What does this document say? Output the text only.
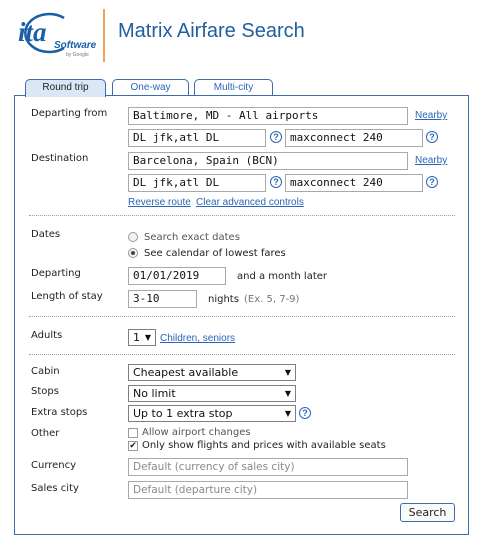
ita Software
by Google
Matrix Airfare Search
Round trip	One-way	Multi-city
Departing from	Baltimore, MD - All airports	Nearby
DL jfk,atl DL	?	maxconnect 240	?
Destination	Barcelona, Spain (BCN)	Nearby
DL jfk,atl DL	?	maxconnect 240	?
Reverse route Clear advanced controls
Dates	Search exact dates
See calendar of lowest fares
Departing	01/01/2019	and a month later
Length of stay	3-10	nights (Ex. 5, 7-9)
Adults	1 ▼ Children, seniors
Cabin	Cheapest available	▼
Stops	No limit	▼
Extra stops	Up to 1 extra stop	▼	?
Other	Allow airport changes
✔ Only show flights and prices with available seats
Currency	Default (currency of sales city)
Sales city	Default (departure city)
Search
